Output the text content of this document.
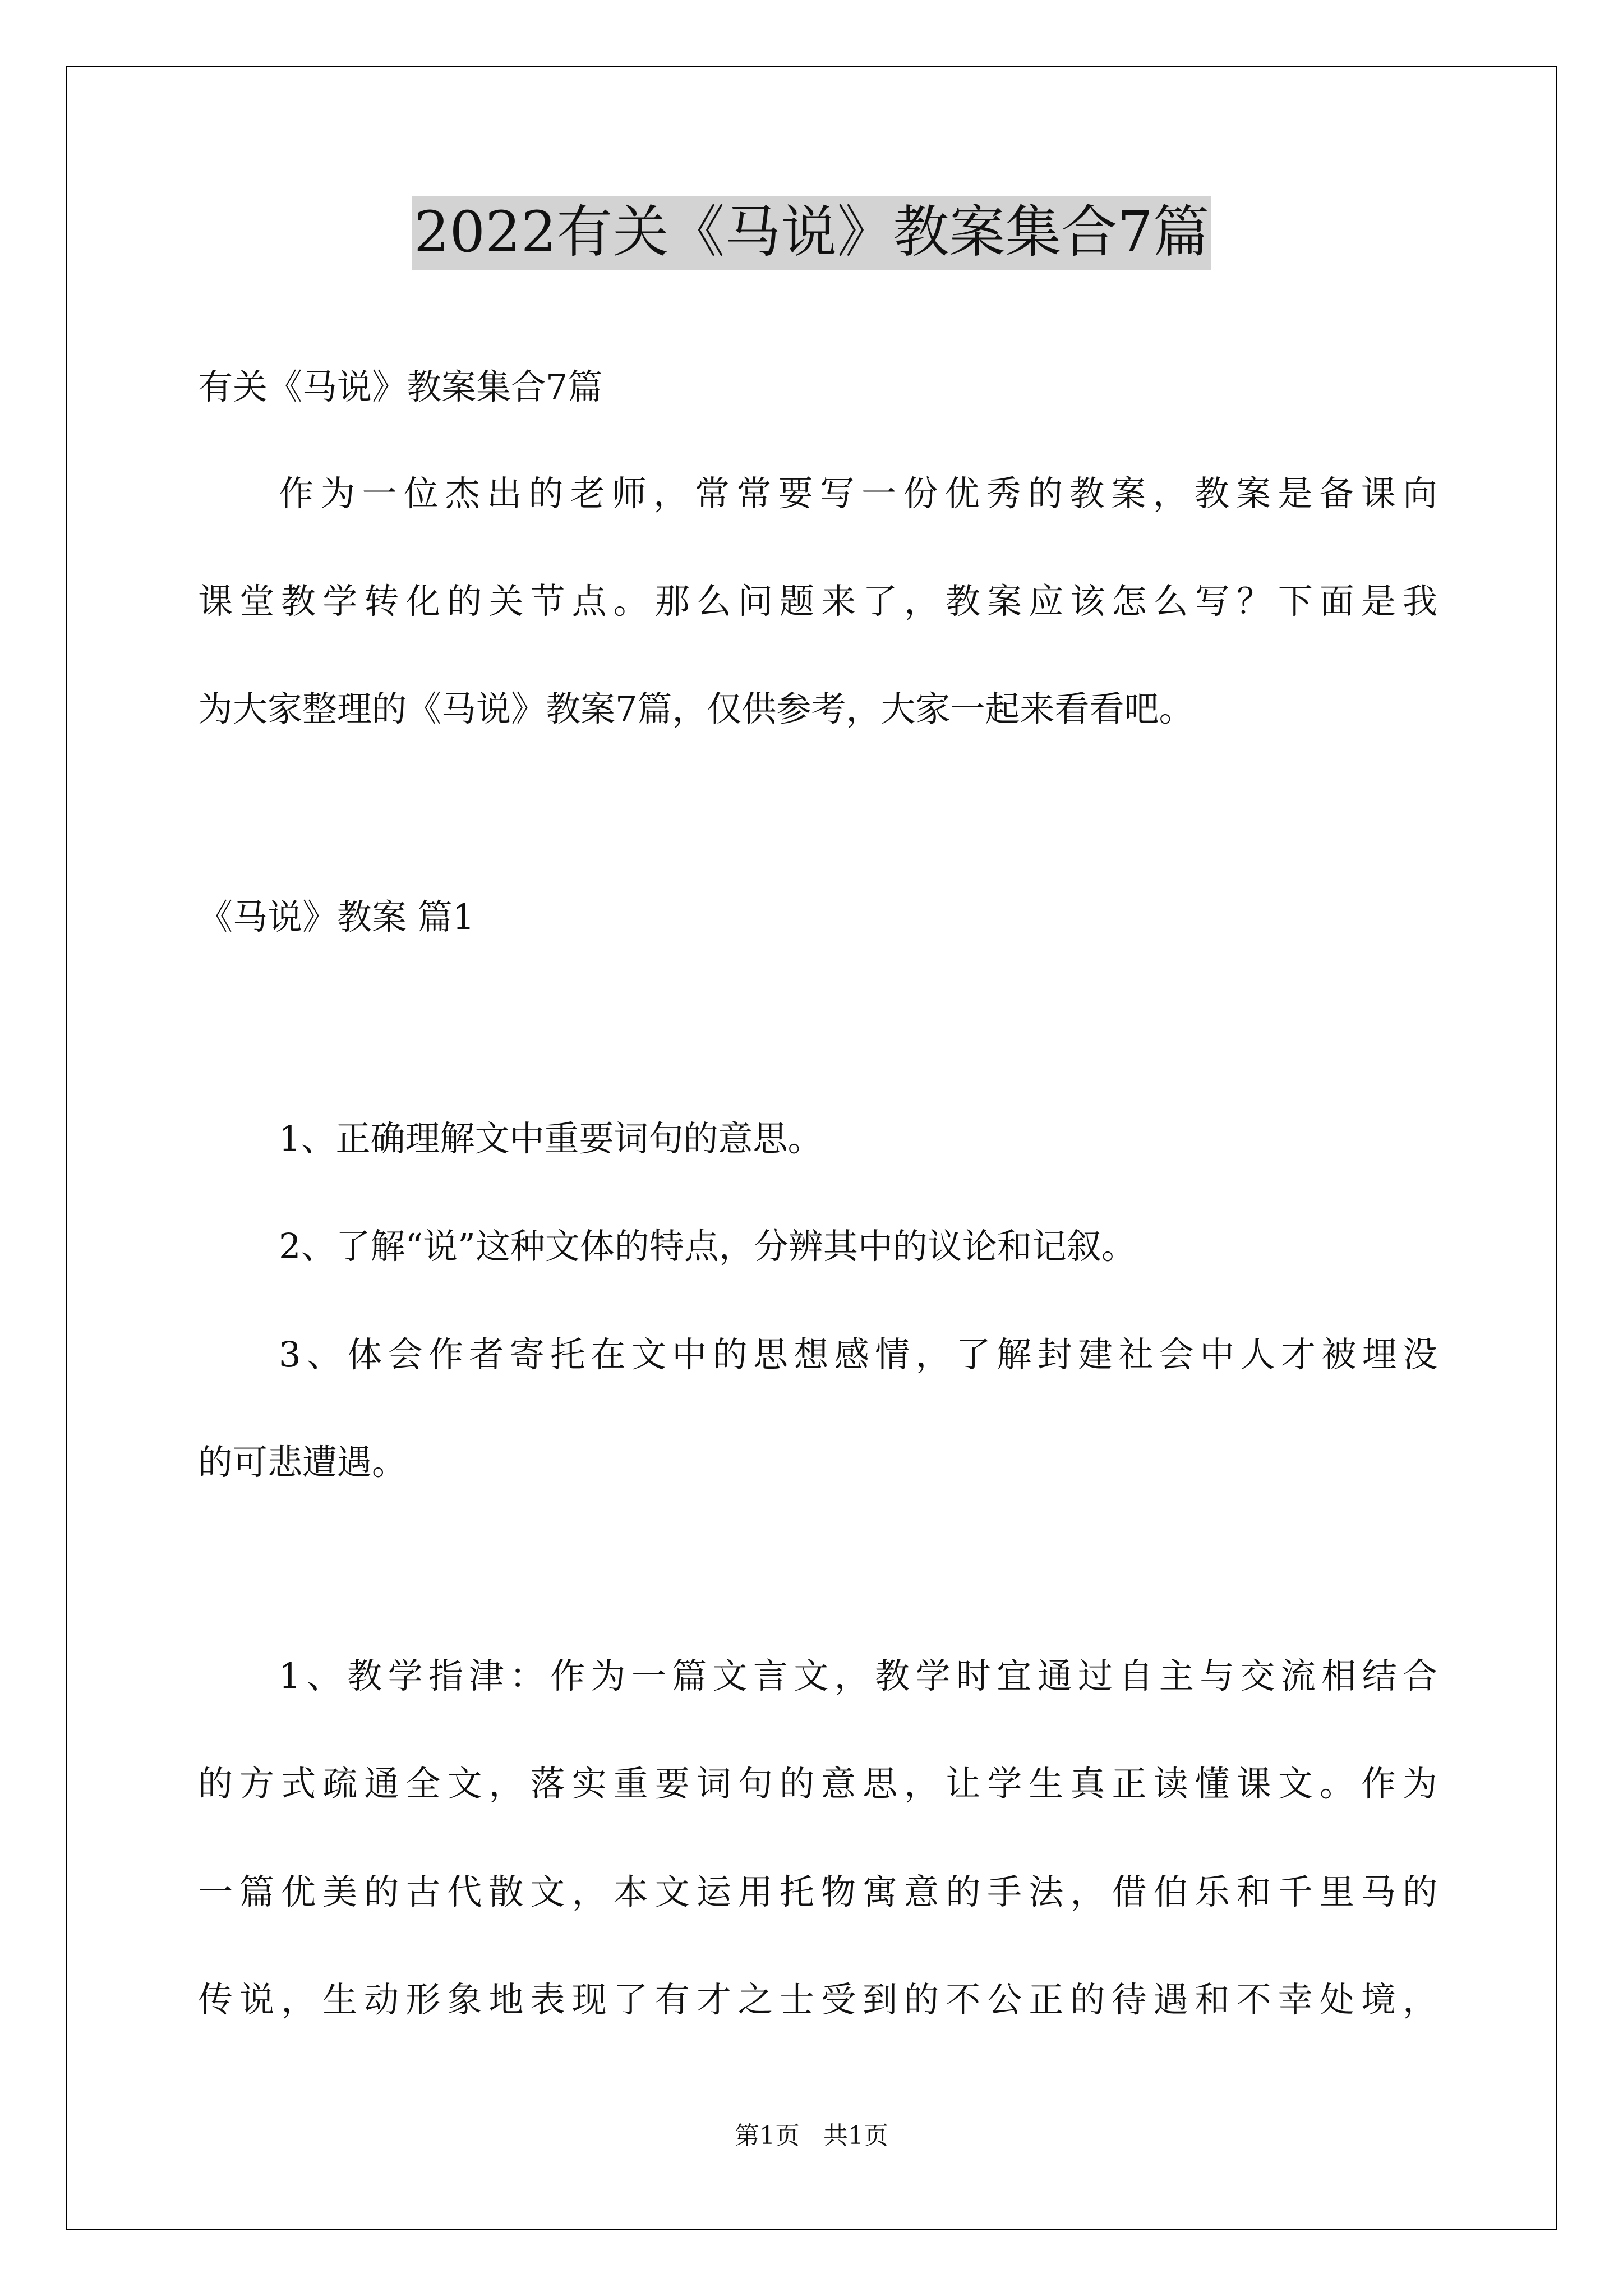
2022有关《马说》教案集合7篇
有关《马说》教案集合7篇
作为一位杰出的老师，常常要写一份优秀的教案，教案是备课向
课堂教学转化的关节点。那么问题来了，教案应该怎么写？下面是我
为大家整理的《马说》教案7篇，仅供参考，大家一起来看看吧。
《马说》教案 篇1
1、正确理解文中重要词句的意思。
2、了解“说”这种文体的特点，分辨其中的议论和记叙。
3、体会作者寄托在文中的思想感情，了解封建社会中人才被埋没
的可悲遭遇。
1、教学指津：作为一篇文言文，教学时宜通过自主与交流相结合
的方式疏通全文，落实重要词句的意思，让学生真正读懂课文。作为
一篇优美的古代散文，本文运用托物寓意的手法，借伯乐和千里马的
传说，生动形象地表现了有才之士受到的不公正的待遇和不幸处境，
第1页   共1页
